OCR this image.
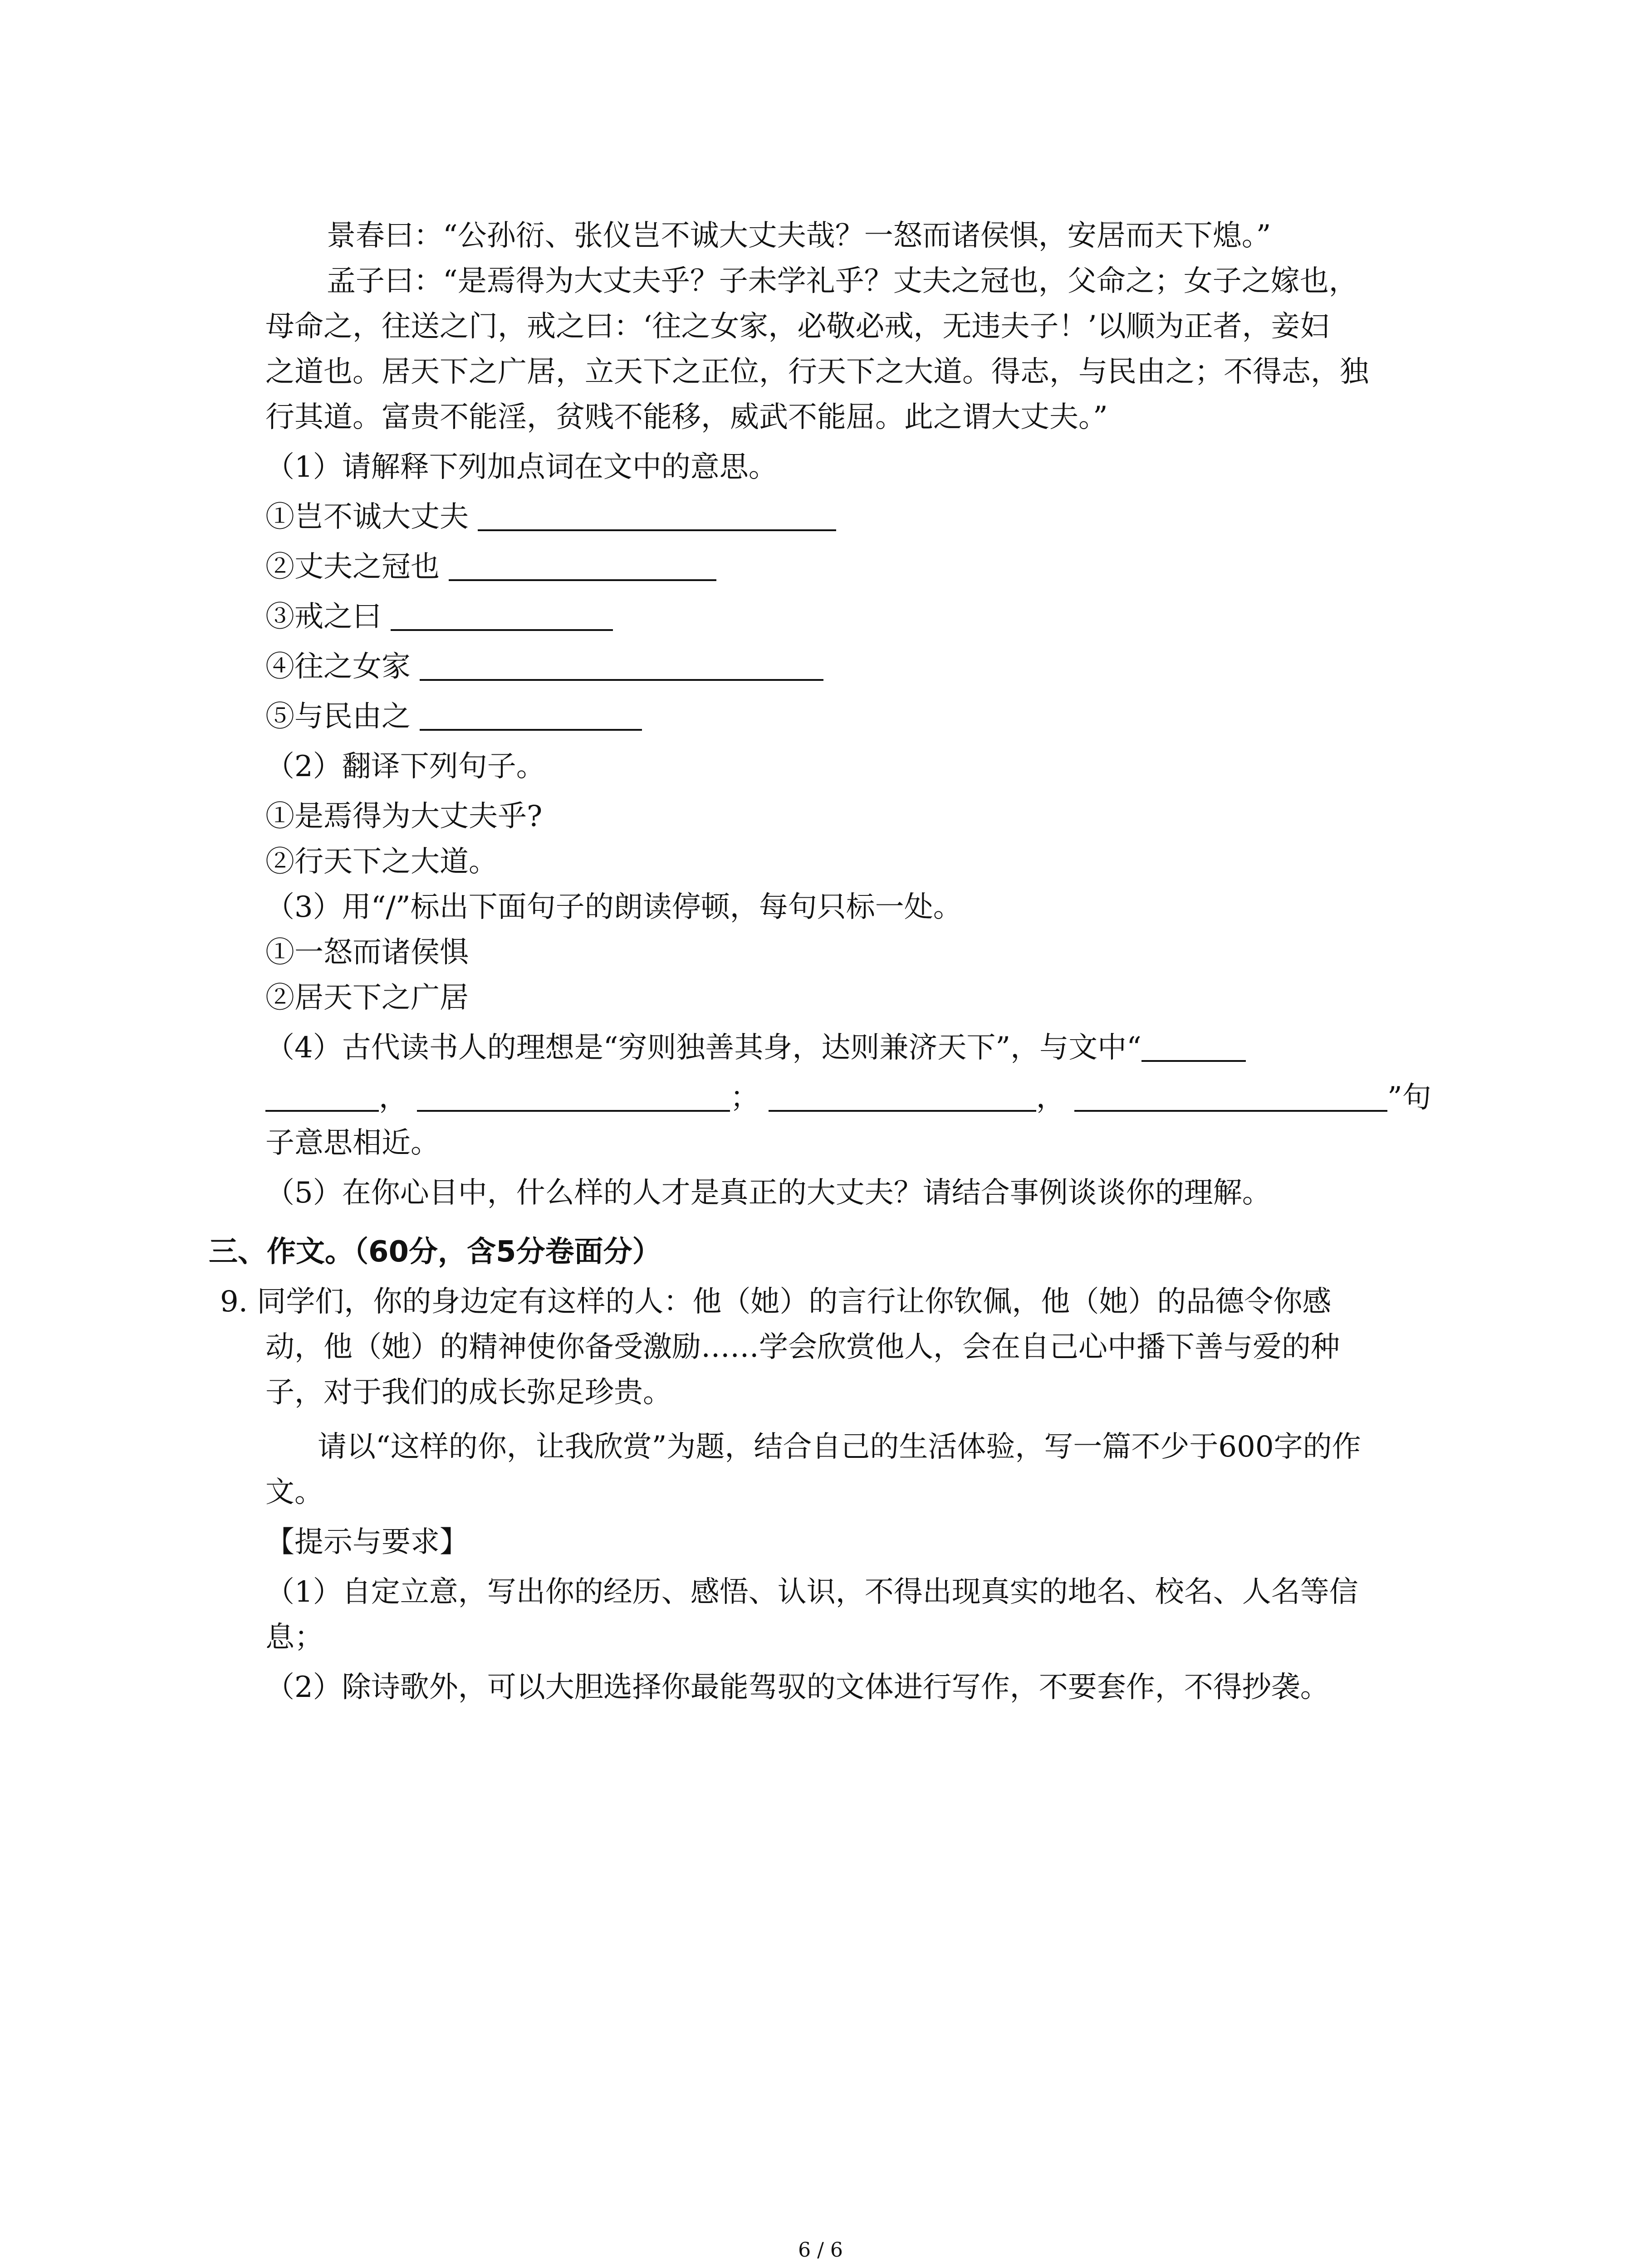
景春曰：“公孙衍、张仪岂不诚大丈夫哉？一怒而诸侯惧，安居而天下熄。”
孟子曰：“是焉得为大丈夫乎？子未学礼乎？丈夫之冠也，父命之；女子之嫁也，
母命之，往送之门，戒之曰：‘往之女家，必敬必戒，无违夫子！’以顺为正者，妾妇
之道也。居天下之广居，立天下之正位，行天下之大道。得志，与民由之；不得志，独
行其道。富贵不能淫，贫贱不能移，威武不能屈。此之谓大丈夫。”
（1）请解释下列加点词在文中的意思。
①岂不诚大丈夫
②丈夫之冠也
③戒之曰
④往之女家
⑤与民由之
（2）翻译下列句子。
①是焉得为大丈夫乎?
②行天下之大道。
（3）用“/”标出下面句子的朗读停顿，每句只标一处。
①一怒而诸侯惧
②居天下之广居
（4）古代读书人的理想是“穷则独善其身，达则兼济天下”，与文中“
，	；	，	”句
子意思相近。
（5）在你心目中，什么样的人才是真正的大丈夫？请结合事例谈谈你的理解。
三、作文。（60分，含5分卷面分）
9. 同学们，你的身边定有这样的人：他（她）的言行让你钦佩，他（她）的品德令你感
动，他（她）的精神使你备受激励……学会欣赏他人，会在自己心中播下善与爱的种
子，对于我们的成长弥足珍贵。
请以“这样的你，让我欣赏”为题，结合自己的生活体验，写一篇不少于600字的作
文。
【提示与要求】
（1）自定立意，写出你的经历、感悟、认识，不得出现真实的地名、校名、人名等信
息；
（2）除诗歌外，可以大胆选择你最能驾驭的文体进行写作，不要套作，不得抄袭。
6 / 6
